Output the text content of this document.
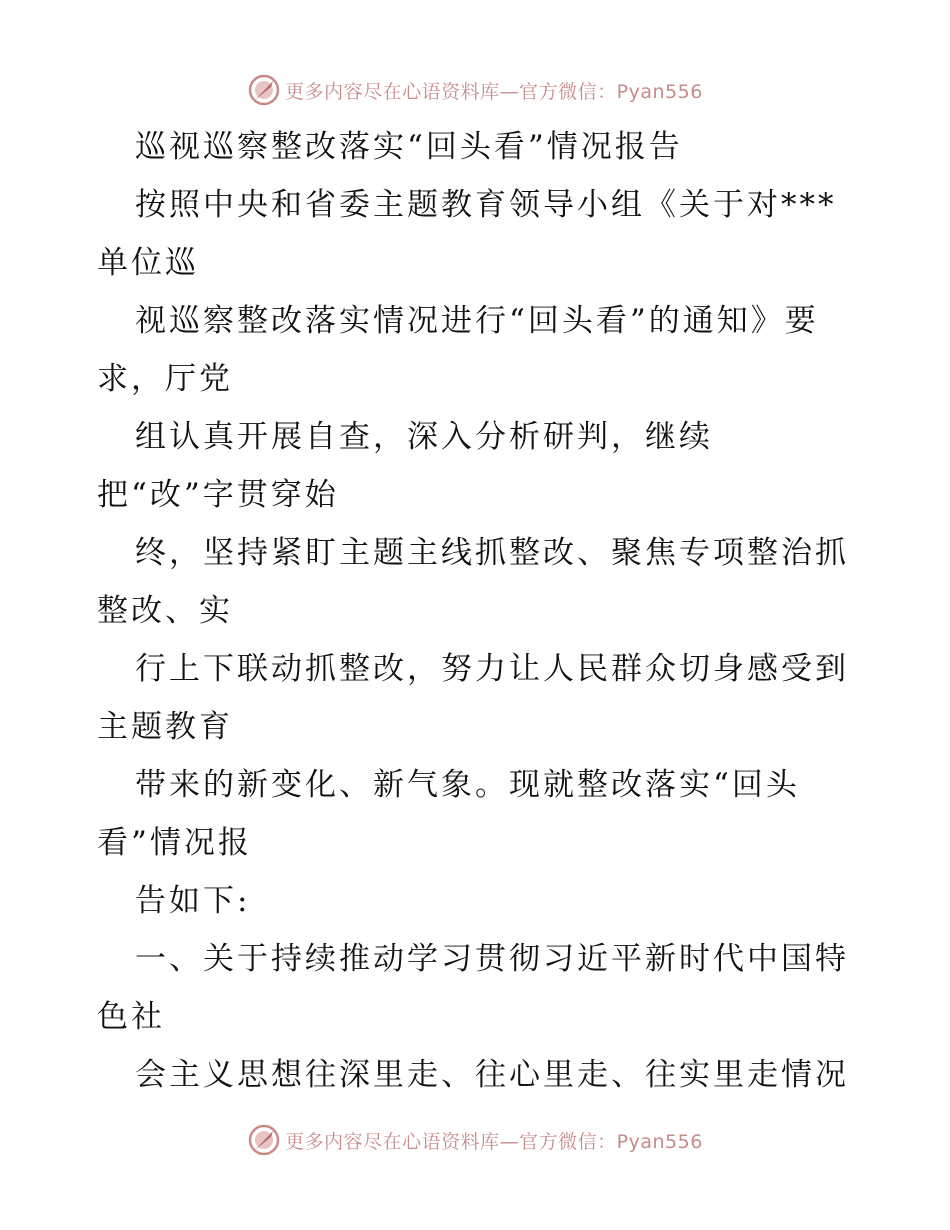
更多内容尽在心语资料库—官方微信：Pyan556
巡视巡察整改落实“回头看”情况报告
按照中央和省委主题教育领导小组《关于对***
单位巡
视巡察整改落实情况进行“回头看”的通知》要
求，厅党
组认真开展自查，深入分析研判，继续
把“改”字贯穿始
终，坚持紧盯主题主线抓整改、聚焦专项整治抓
整改、实
行上下联动抓整改，努力让人民群众切身感受到
主题教育
带来的新变化、新气象。现就整改落实“回头
看”情况报
告如下:
一、关于持续推动学习贯彻习近平新时代中国特
色社
会主义思想往深里走、往心里走、往实里走情况
更多内容尽在心语资料库—官方微信：Pyan556
